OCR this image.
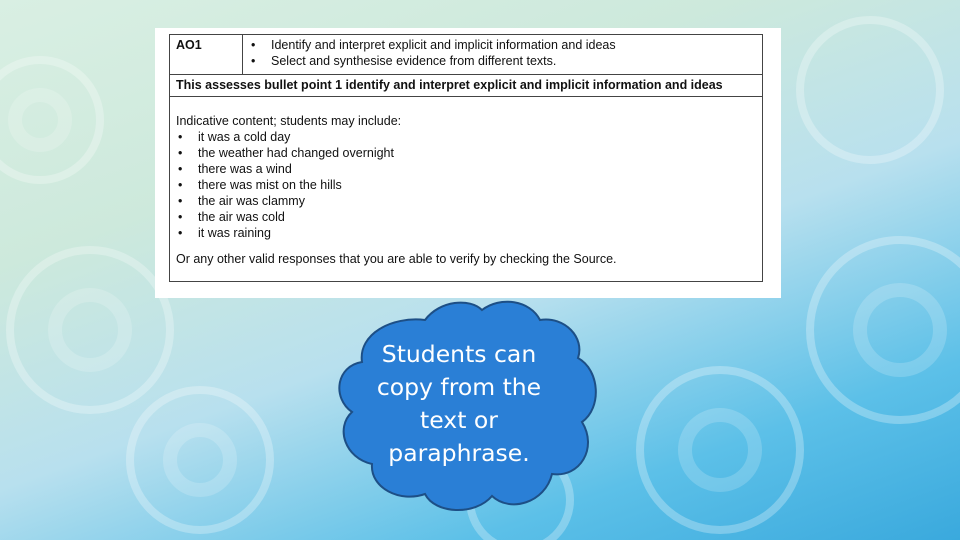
AO1	
•Identify and interpret explicit and implicit information and ideas
• Select and synthesise evidence from different texts.

This assesses bullet point 1 identify and interpret explicit and implicit information and ideas

Indicative content; students may include:

• it was a cold day
• the weather had changed overnight
• there was a wind
• there was mist on the hills
• the air was clammy
• the air was cold
• it was raining

Or any other valid responses that you are able to verify by checking the Source.

Students can
copy from the
text or
paraphrase.
